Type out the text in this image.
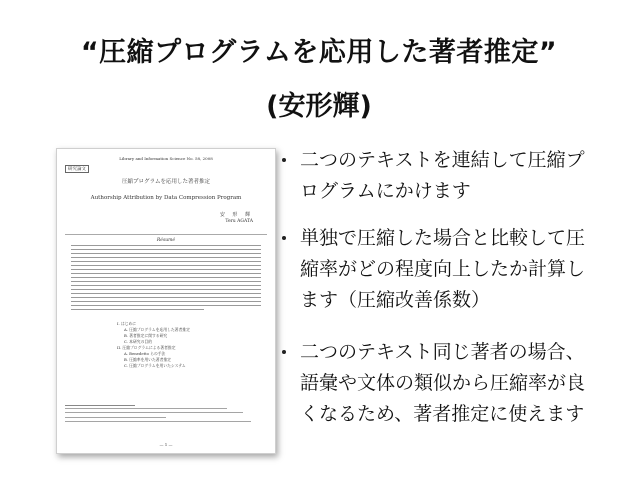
“圧縮プログラムを応用した著者推定”
(安形輝)
Library and Information Science No. 58, 2008
研究論文
圧縮プログラムを応用した著者推定
Authorship Attribution by Data Compression Program
安 形 輝
Teru AGATA
Résumé
I. はじめに
A. 圧縮プログラムを応用した著者推定
B. 著者推定に関する研究
C. 本研究の目的
II. 圧縮プログラムによる著者推定
A. Benedetto らの手法
B. 圧縮率を用いた著者推定
C. 圧縮プログラムを用いたシステム
— 1 —
二つのテキストを連結して圧縮プ
ログラムにかけます
単独で圧縮した場合と比較して圧
縮率がどの程度向上したか計算し
ます（圧縮改善係数）
二つのテキスト同じ著者の場合、
語彙や文体の類似から圧縮率が良
くなるため、著者推定に使えます
